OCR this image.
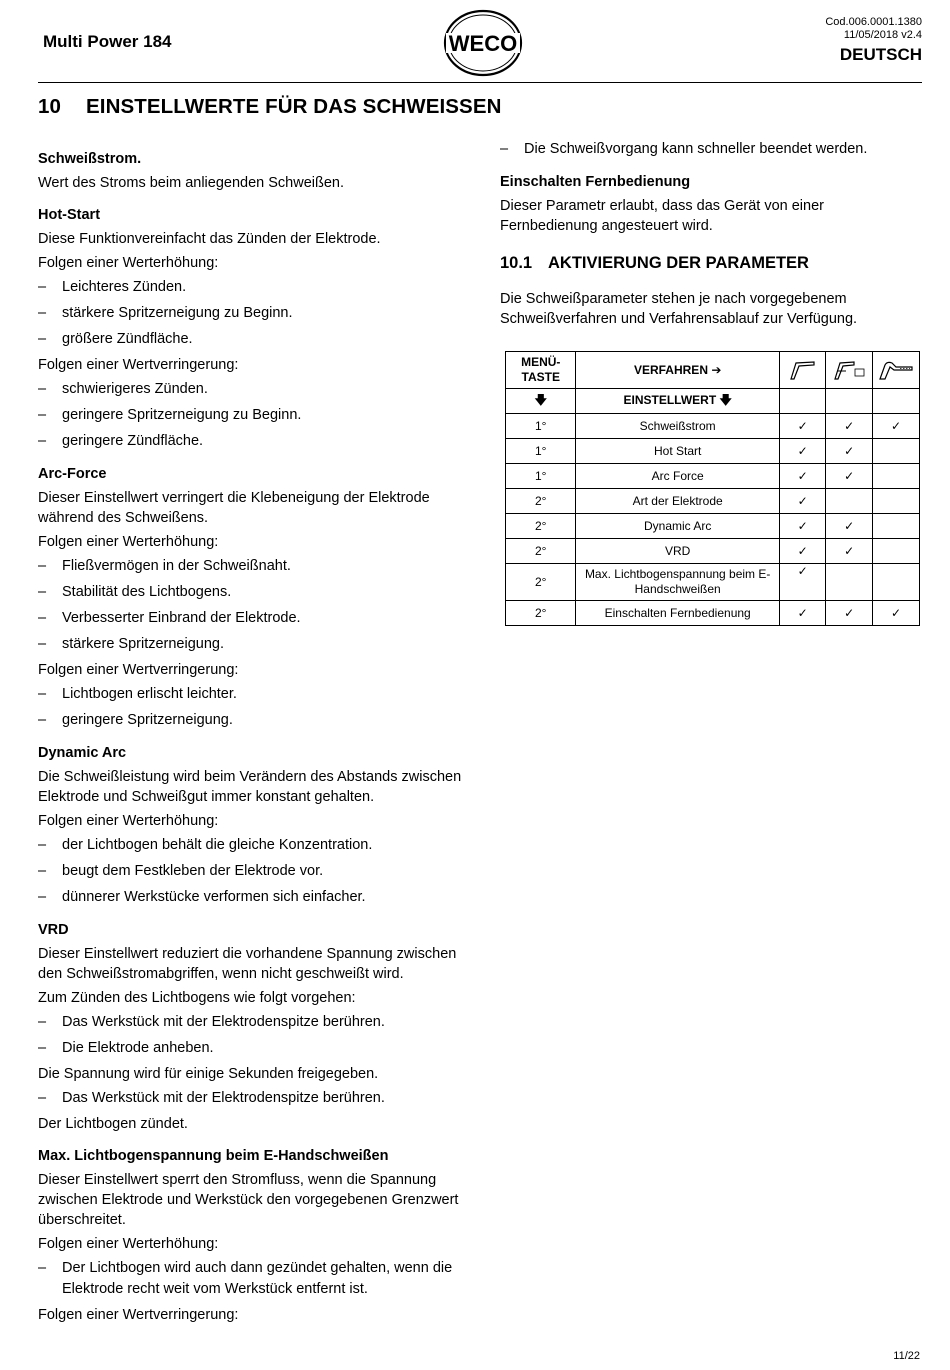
Multi Power 184	WECO
Cod.006.0001.1380
11/05/2018 v2.4
DEUTSCH
10 EINSTELLWERTE FÜR DAS SCHWEISSEN
Schweißstrom.
Wert des Stroms beim anliegenden Schweißen.
Hot-Start
Diese Funktionvereinfacht das Zünden der Elektrode.
Folgen einer Werterhöhung:
– Leichteres Zünden.
– stärkere Spritzerneigung zu Beginn.
– größere Zündfläche.
Folgen einer Wertverringerung:
– schwierigeres Zünden.
– geringere Spritzerneigung zu Beginn.
– geringere Zündfläche.
Arc-Force
Dieser Einstellwert verringert die Klebeneigung der Elektrode während des Schweißens.
Folgen einer Werterhöhung:
– Fließvermögen in der Schweißnaht.
– Stabilität des Lichtbogens.
– Verbesserter Einbrand der Elektrode.
– stärkere Spritzerneigung.
Folgen einer Wertverringerung:
– Lichtbogen erlischt leichter.
– geringere Spritzerneigung.
Dynamic Arc
Die Schweißleistung wird beim Verändern des Abstands zwischen Elektrode und Schweißgut immer konstant gehalten.
Folgen einer Werterhöhung:
– der Lichtbogen behält die gleiche Konzentration.
– beugt dem Festkleben der Elektrode vor.
– dünnerer Werkstücke verformen sich einfacher.
VRD
Dieser Einstellwert reduziert die vorhandene Spannung zwischen den Schweißstromabgriffen, wenn nicht geschweißt wird.
Zum Zünden des Lichtbogens wie folgt vorgehen:
– Das Werkstück mit der Elektrodenspitze berühren.
– Die Elektrode anheben.
Die Spannung wird für einige Sekunden freigegeben.
– Das Werkstück mit der Elektrodenspitze berühren.
Der Lichtbogen zündet.
Max. Lichtbogenspannung beim E-Handschweißen
Dieser Einstellwert sperrt den Stromfluss, wenn die Spannung zwischen Elektrode und Werkstück den vorgegebenen Grenzwert überschreitet.
Folgen einer Werterhöhung:
– Der Lichtbogen wird auch dann gezündet gehalten, wenn die Elektrode recht weit vom Werkstück entfernt ist.
Folgen einer Wertverringerung:
– Die Schweißvorgang kann schneller beendet werden.
Einschalten Fernbedienung
Dieser Parametr erlaubt, dass das Gerät von einer Fernbedienung angesteuert wird.
10.1 AKTIVIERUNG DER PARAMETER
Die Schweißparameter stehen je nach vorgegebenem Schweißverfahren und Verfahrensablauf zur Verfügung.
MENÜ-TASTE	VERFAHREN ➔	

🡇	EINSTELLWERT 🡇			
1°	Schweißstrom	✓	✓	✓
1°	Hot Start	✓	✓	
1°	Arc Force	✓	✓	
2°	Art der Elektrode	✓		
2°	Dynamic Arc	✓	✓	
2°	VRD	✓	✓	
2°	Max. Lichtbogenspannung beim E-Handschweißen	✓		
2°	Einschalten Fernbedienung	✓	✓	✓
11/22
